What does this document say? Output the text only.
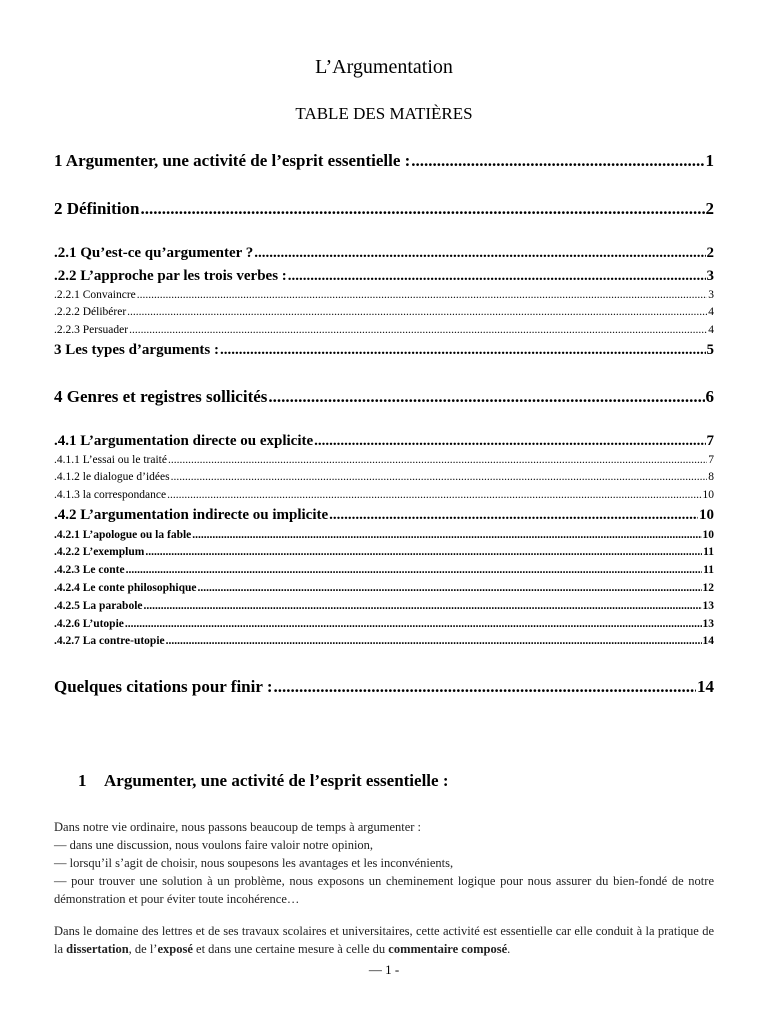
L’Argumentation
TABLE DES MATIÈRES
1 Argumenter, une activité de l’esprit essentielle : .....	1
2 Définition .....	2
.2.1 Qu’est-ce qu’argumenter ? .....	2
.2.2 L’approche par les trois verbes : .....	3
.2.2.1 Convaincre .....	3
.2.2.2 Délibérer .....	4
.2.2.3 Persuader .....	4
3 Les types d’arguments : .....	5
4 Genres et registres sollicités .....	6
.4.1 L’argumentation directe ou explicite .....	7
.4.1.1 L’essai ou le traité .....	7
.4.1.2 le dialogue d’idées .....	8
.4.1.3 la correspondance .....	10
.4.2 L’argumentation indirecte ou implicite .....	10
.4.2.1 L’apologue ou la fable .....	10
.4.2.2 L’exemplum .....	11
.4.2.3 Le conte .....	11
.4.2.4 Le conte philosophique .....	12
.4.2.5 La parabole .....	13
.4.2.6 L’utopie .....	13
.4.2.7 La contre-utopie .....	14
Quelques citations pour finir : .....	14
1 Argumenter, une activité de l’esprit essentielle :
Dans notre vie ordinaire, nous passons beaucoup de temps à argumenter :
— dans une discussion, nous voulons faire valoir notre opinion,
— lorsqu’il s’agit de choisir, nous soupesons les avantages et les inconvénients,
— pour trouver une solution à un problème, nous exposons un cheminement logique pour nous assurer du bien-fondé de notre démonstration et pour éviter toute incohérence…
Dans le domaine des lettres et de ses travaux scolaires et universitaires, cette activité est essentielle car elle conduit à la pratique de la dissertation, de l’exposé et dans une certaine mesure à celle du commentaire composé.
— 1 -
